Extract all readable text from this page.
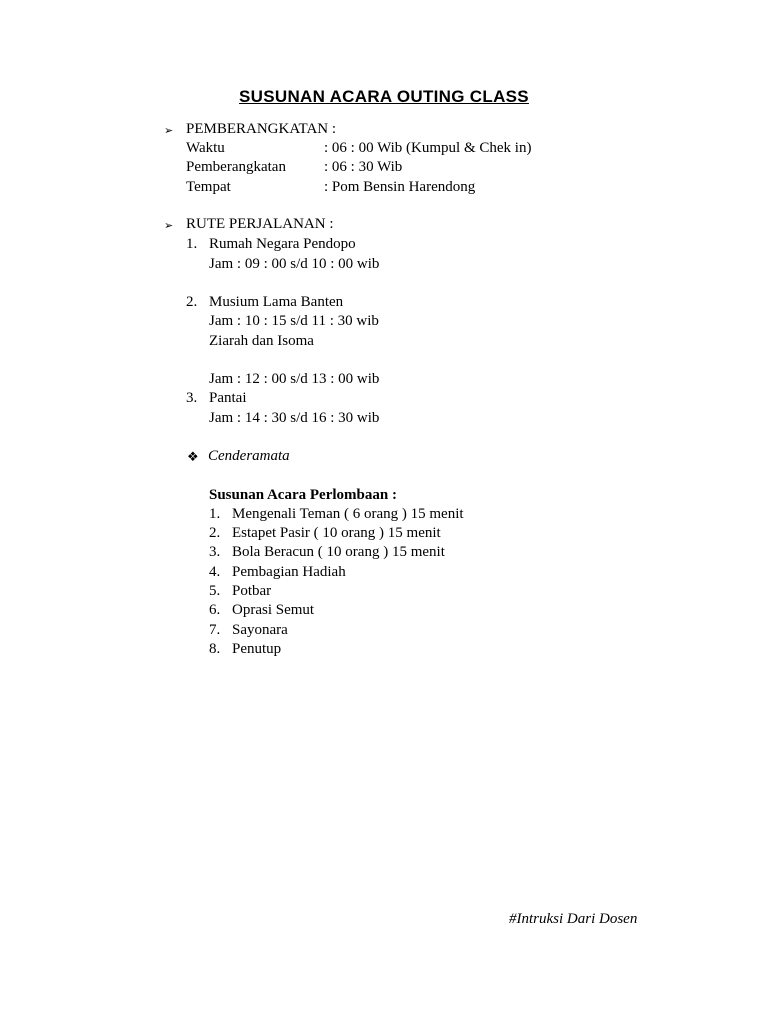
SUSUNAN ACARA OUTING CLASS
➢ PEMBERANGKATAN :
Waktu	: 06 : 00 Wib (Kumpul & Chek in)
Pemberangkatan	: 06 : 30 Wib
Tempat	: Pom Bensin Harendong
➢ RUTE PERJALANAN :
1. Rumah Negara Pendopo
Jam : 09 : 00 s/d 10 : 00 wib
2. Musium Lama Banten
Jam : 10 : 15 s/d 11 : 30 wib
Ziarah dan Isoma
Jam : 12 : 00 s/d 13 : 00 wib
3. Pantai
Jam : 14 : 30 s/d 16 : 30 wib
❖ Cenderamata
Susunan Acara Perlombaan :
1. Mengenali Teman ( 6 orang ) 15 menit
2. Estapet Pasir ( 10 orang ) 15 menit
3. Bola Beracun ( 10 orang ) 15 menit
4. Pembagian Hadiah
5. Potbar
6. Oprasi Semut
7. Sayonara
8. Penutup
#Intruksi Dari Dosen
